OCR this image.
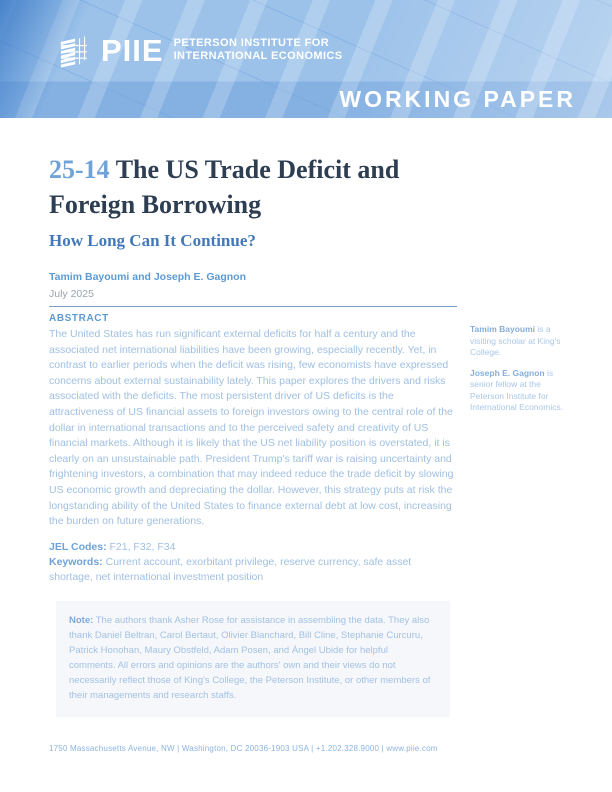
PIIE PETERSON INSTITUTE FOR
INTERNATIONAL ECONOMICS
WORKING PAPER
25-14 The US Trade Deficit and Foreign Borrowing
How Long Can It Continue?
Tamim Bayoumi and Joseph E. Gagnon
July 2025
ABSTRACT
The United States has run significant external deficits for half a century and the associated net international liabilities have been growing, especially recently. Yet, in contrast to earlier periods when the deficit was rising, few economists have expressed concerns about external sustainability lately. This paper explores the drivers and risks associated with the deficits. The most persistent driver of US deficits is the attractiveness of US financial assets to foreign investors owing to the central role of the dollar in international transactions and to the perceived safety and creativity of US financial markets. Although it is likely that the US net liability position is overstated, it is clearly on an unsustainable path. President Trump's tariff war is raising uncertainty and frightening investors, a combination that may indeed reduce the trade deficit by slowing US economic growth and depreciating the dollar. However, this strategy puts at risk the longstanding ability of the United States to finance external debt at low cost, increasing the burden on future generations.
Tamim Bayoumi is a visiting scholar at King's College.
Joseph E. Gagnon is senior fellow at the Peterson Institute for International Economics.
JEL Codes: F21, F32, F34
Keywords: Current account, exorbitant privilege, reserve currency, safe asset shortage, net international investment position
Note: The authors thank Asher Rose for assistance in assembling the data. They also thank Daniel Beltran, Carol Bertaut, Olivier Blanchard, Bill Cline, Stephanie Curcuru, Patrick Honohan, Maury Obstfeld, Adam Posen, and Ángel Ubide for helpful comments. All errors and opinions are the authors' own and their views do not necessarily reflect those of King's College, the Peterson Institute, or other members of their managements and research staffs.
1750 Massachusetts Avenue, NW | Washington, DC 20036-1903 USA | +1.202.328.9000 | www.piie.com
